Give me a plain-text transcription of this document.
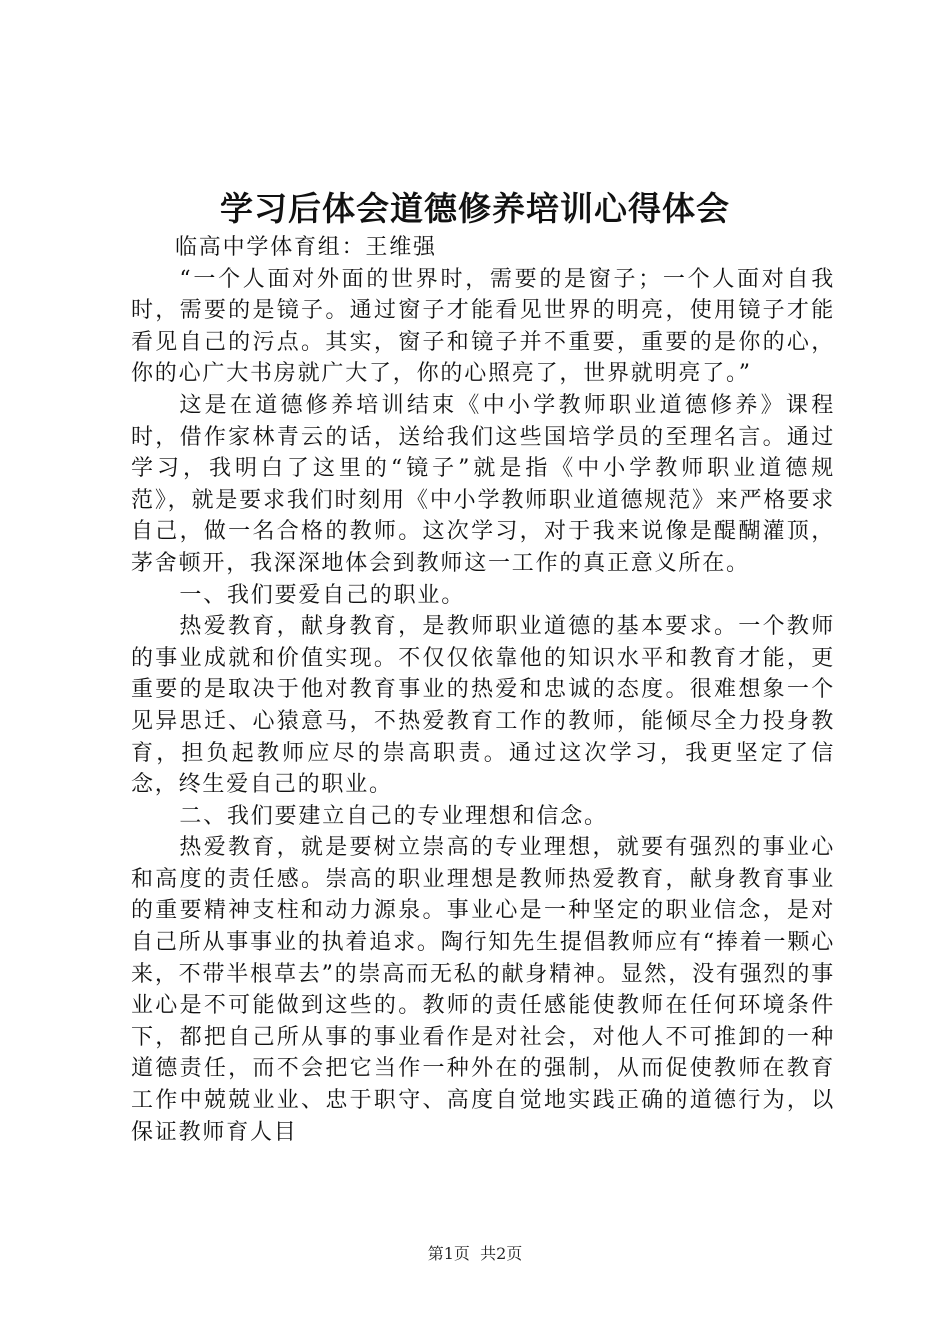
学习后体会道德修养培训心得体会

临高中学体育组：王维强

“一个人面对外面的世界时，需要的是窗子；一个人面对自我时，需要的是镜子。通过窗子才能看见世界的明亮，使用镜子才能看见自己的污点。其实，窗子和镜子并不重要，重要的是你的心，你的心广大书房就广大了，你的心照亮了，世界就明亮了。”

这是在道德修养培训结束《中小学教师职业道德修养》课程时，借作家林青云的话，送给我们这些国培学员的至理名言。通过学习，我明白了这里的“镜子”就是指《中小学教师职业道德规范》，就是要求我们时刻用《中小学教师职业道德规范》来严格要求自己，做一名合格的教师。这次学习，对于我来说像是醍醐灌顶，茅舍顿开，我深深地体会到教师这一工作的真正意义所在。

一、我们要爱自己的职业。

热爱教育，献身教育，是教师职业道德的基本要求。一个教师的事业成就和价值实现。不仅仅依靠他的知识水平和教育才能，更重要的是取决于他对教育事业的热爱和忠诚的态度。很难想象一个见异思迁、心猿意马，不热爱教育工作的教师，能倾尽全力投身教育，担负起教师应尽的崇高职责。通过这次学习，我更坚定了信念，终生爱自己的职业。

二、我们要建立自己的专业理想和信念。

热爱教育，就是要树立崇高的专业理想，就要有强烈的事业心和高度的责任感。崇高的职业理想是教师热爱教育，献身教育事业的重要精神支柱和动力源泉。事业心是一种坚定的职业信念，是对自己所从事事业的执着追求。陶行知先生提倡教师应有“捧着一颗心来，不带半根草去”的崇高而无私的献身精神。显然，没有强烈的事业心是不可能做到这些的。教师的责任感能使教师在任何环境条件下，都把自己所从事的事业看作是对社会，对他人不可推卸的一种道德责任，而不会把它当作一种外在的强制，从而促使教师在教育工作中兢兢业业、忠于职守、高度自觉地实践正确的道德行为，以保证教师育人目

第1页 共2页
